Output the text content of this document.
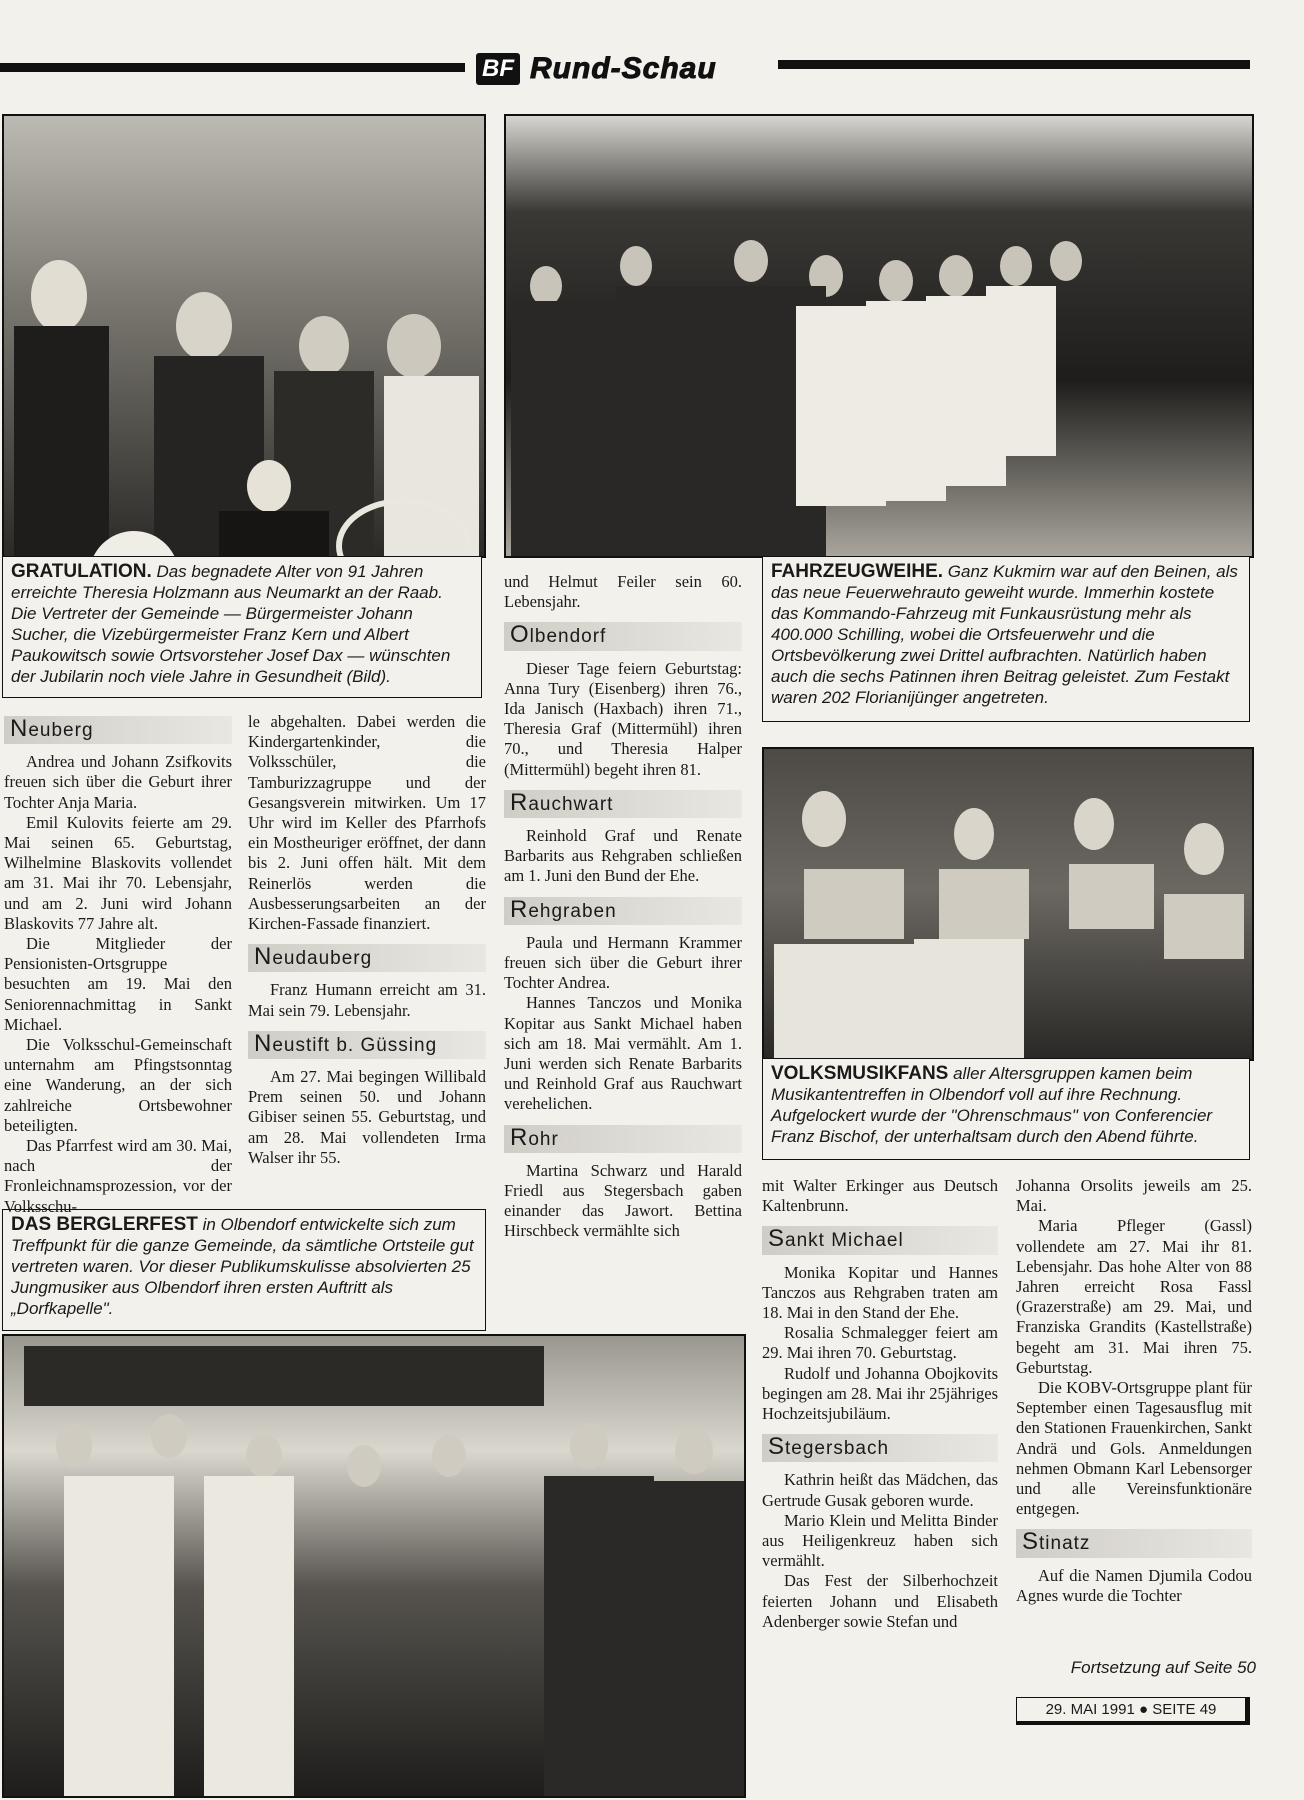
BF Rund-Schau
GRATULATION. Das begnadete Alter von 91 Jahren erreichte Theresia Holzmann aus Neumarkt an der Raab. Die Vertreter der Gemeinde — Bürgermeister Johann Sucher, die Vizebürgermeister Franz Kern und Albert Paukowitsch sowie Ortsvorsteher Josef Dax — wünschten der Jubilarin noch viele Jahre in Gesundheit (Bild).
FAHRZEUGWEIHE. Ganz Kukmirn war auf den Beinen, als das neue Feuerwehrauto geweiht wurde. Immerhin kostete das Kommando-Fahrzeug mit Funkausrüstung mehr als 400.000 Schilling, wobei die Ortsfeuerwehr und die Ortsbevölkerung zwei Drittel aufbrachten. Natürlich haben auch die sechs Patinnen ihren Beitrag geleistet. Zum Festakt waren 202 Florianijünger angetreten.
VOLKSMUSIKFANS aller Altersgruppen kamen beim Musikantentreffen in Olbendorf voll auf ihre Rechnung. Aufgelockert wurde der "Ohrenschmaus" von Conferencier Franz Bischof, der unterhaltsam durch den Abend führte.
DAS BERGLERFEST in Olbendorf entwickelte sich zum Treffpunkt für die ganze Gemeinde, da sämtliche Ortsteile gut vertreten waren. Vor dieser Publikumskulisse absolvierten 25 Jungmusiker aus Olbendorf ihren ersten Auftritt als „Dorfkapelle".
Neuberg

Andrea und Johann Zsifkovits freuen sich über die Geburt ihrer Tochter Anja Maria.

Emil Kulovits feierte am 29. Mai seinen 65. Geburtstag, Wilhelmine Blaskovits vollendet am 31. Mai ihr 70. Lebensjahr, und am 2. Juni wird Johann Blaskovits 77 Jahre alt.

Die Mitglieder der Pensionisten-Ortsgruppe besuchten am 19. Mai den Seniorennachmittag in Sankt Michael.

Die Volksschul-Gemeinschaft unternahm am Pfingstsonntag eine Wanderung, an der sich zahlreiche Ortsbewohner beteiligten.

Das Pfarrfest wird am 30. Mai, nach der Fronleichnamsprozession, vor der Volksschu-

le abgehalten. Dabei werden die Kindergartenkinder, die Volksschüler, die Tamburizzagruppe und der Gesangsverein mitwirken. Um 17 Uhr wird im Keller des Pfarrhofs ein Mostheuriger eröffnet, der dann bis 2. Juni offen hält. Mit dem Reinerlös werden die Ausbesserungsarbeiten an der Kirchen-Fassade finanziert.

Neudauberg

Franz Humann erreicht am 31. Mai sein 79. Lebensjahr.

Neustift b. Güssing

Am 27. Mai begingen Willibald Prem seinen 50. und Johann Gibiser seinen 55. Geburtstag, und am 28. Mai vollendeten Irma Walser ihr 55.

und Helmut Feiler sein 60. Lebensjahr.

Olbendorf

Dieser Tage feiern Geburtstag: Anna Tury (Eisenberg) ihren 76., Ida Janisch (Haxbach) ihren 71., Theresia Graf (Mittermühl) ihren 70., und Theresia Halper (Mittermühl) begeht ihren 81.

Rauchwart

Reinhold Graf und Renate Barbarits aus Rehgraben schließen am 1. Juni den Bund der Ehe.

Rehgraben

Paula und Hermann Krammer freuen sich über die Geburt ihrer Tochter Andrea.

Hannes Tanczos und Monika Kopitar aus Sankt Michael haben sich am 18. Mai vermählt. Am 1. Juni werden sich Renate Barbarits und Reinhold Graf aus Rauchwart verehelichen.

Rohr

Martina Schwarz und Harald Friedl aus Stegersbach gaben einander das Jawort. Bettina Hirschbeck vermählte sich

mit Walter Erkinger aus Deutsch Kaltenbrunn.

Sankt Michael

Monika Kopitar und Hannes Tanczos aus Rehgraben traten am 18. Mai in den Stand der Ehe.

Rosalia Schmalegger feiert am 29. Mai ihren 70. Geburtstag.

Rudolf und Johanna Obojkovits begingen am 28. Mai ihr 25jähriges Hochzeitsjubiläum.

Stegersbach

Kathrin heißt das Mädchen, das Gertrude Gusak geboren wurde.

Mario Klein und Melitta Binder aus Heiligenkreuz haben sich vermählt.

Das Fest der Silberhochzeit feierten Johann und Elisabeth Adenberger sowie Stefan und

Johanna Orsolits jeweils am 25. Mai.

Maria Pfleger (Gassl) vollendete am 27. Mai ihr 81. Lebensjahr. Das hohe Alter von 88 Jahren erreicht Rosa Fassl (Grazerstraße) am 29. Mai, und Franziska Grandits (Kastellstraße) begeht am 31. Mai ihren 75. Geburtstag.

Die KOBV-Ortsgruppe plant für September einen Tagesausflug mit den Stationen Frauenkirchen, Sankt Andrä und Gols. Anmeldungen nehmen Obmann Karl Lebensorger und alle Vereinsfunktionäre entgegen.

Stinatz

Auf die Namen Djumila Codou Agnes wurde die Tochter

Fortsetzung auf Seite 50
29. MAI 1991 ● SEITE 49
